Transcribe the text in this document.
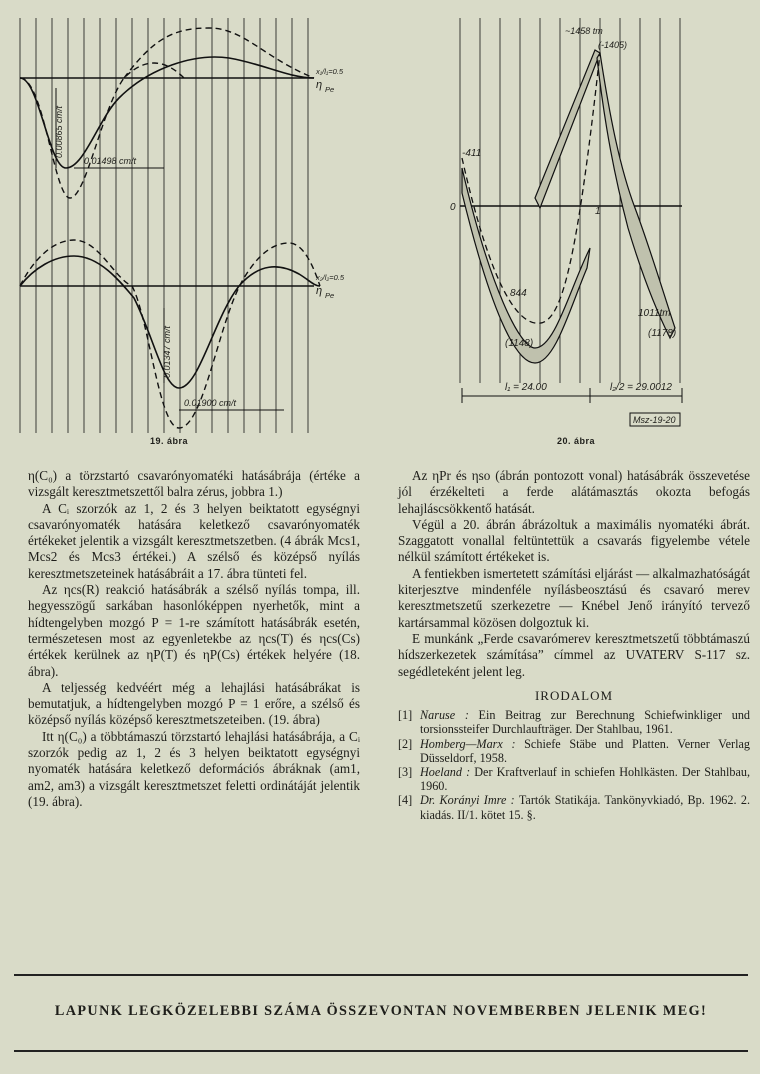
0.00865 cm/t
0.01498 cm/t
x₁/l₁=0.5
η Pe
0.01347 cm/t
0.01900 cm/t
x₂/l₂=0.5
η Pe
19. ábra
~1458 tm
(-1405)
-411
0	1
844
(1148)
1011tm
(1178)
l₁ = 24.00	l₂/2 = 29.0012
Msz-19-20
20. ábra

η(C₀) a törzstartó csavarónyomatéki hatásábrája (értéke a vizsgált keresztmetszettől balra zérus, jobbra 1.)

A Cᵢ szorzók az 1, 2 és 3 helyen beiktatott egységnyi csavarónyomaték hatására keletkező csavarónyomaték értékeket jelentik a vizsgált keresztmetszetben. (4 ábrák Mcs1, Mcs2 és Mcs3 értékei.) A szélső és középső nyílás keresztmetszeteinek hatásábráit a 17. ábra tünteti fel.

Az ηcs(R) reakció hatásábrák a szélső nyílás tompa, ill. hegyesszögű sarkában hasonlóképpen nyerhetők, mint a hídtengelyben mozgó P = 1-re számított hatásábrák esetén, természetesen most az egyenletekbe az ηcs(T) és ηcs(Cs) értékek kerülnek az ηP(T) és ηP(Cs) értékek helyére (18. ábra).

A teljesség kedvéért még a lehajlási hatásábrákat is bemutatjuk, a hídtengelyben mozgó P = 1 erőre, a szélső és középső nyílás középső keresztmetszeteiben. (19. ábra)

Itt η(C₀) a többtámaszú törzstartó lehajlási hatásábrája, a Cᵢ szorzók pedig az 1, 2 és 3 helyen beiktatott egységnyi nyomaték hatására keletkező deformációs ábráknak (am1, am2, am3) a vizsgált keresztmetszet feletti ordinátáját jelentik (19. ábra).

Az ηPr és ηso (ábrán pontozott vonal) hatásábrák összevetése jól érzékelteti a ferde alátámasztás okozta befogás lehajláscsökkentő hatását.

Végül a 20. ábrán ábrázoltuk a maximális nyomatéki ábrát. Szaggatott vonallal feltüntettük a csavarás figyelembe vétele nélkül számított értékeket is.

A fentiekben ismertetett számítási eljárást — alkalmazhatóságát kiterjesztve mindenféle nyílásbeosztású és csavaró merev keresztmetszetű szerkezetre — Knébel Jenő irányító tervező kartársammal közösen dolgoztuk ki.

E munkánk „Ferde csavarómerev keresztmetszetű többtámaszú hídszerkezetek számítása” címmel az UVATERV S-117 sz. segédleteként jelent leg.

IRODALOM
[1] Naruse : Ein Beitrag zur Berechnung Schiefwinkliger und torsionssteifer Durchlaufträger. Der Stahlbau, 1961.
[2] Homberg—Marx : Schiefe Stäbe und Platten. Verner Verlag Düsseldorf, 1958.
[3] Hoeland : Der Kraftverlauf in schiefen Hohlkästen. Der Stahlbau, 1960.
[4] Dr. Korányi Imre : Tartók Statikája. Tankönyvkiadó, Bp. 1962. 2. kiadás. II/1. kötet 15. §.
LAPUNK LEGKÖZELEBBI SZÁMA ÖSSZEVONTAN NOVEMBERBEN JELENIK MEG!
